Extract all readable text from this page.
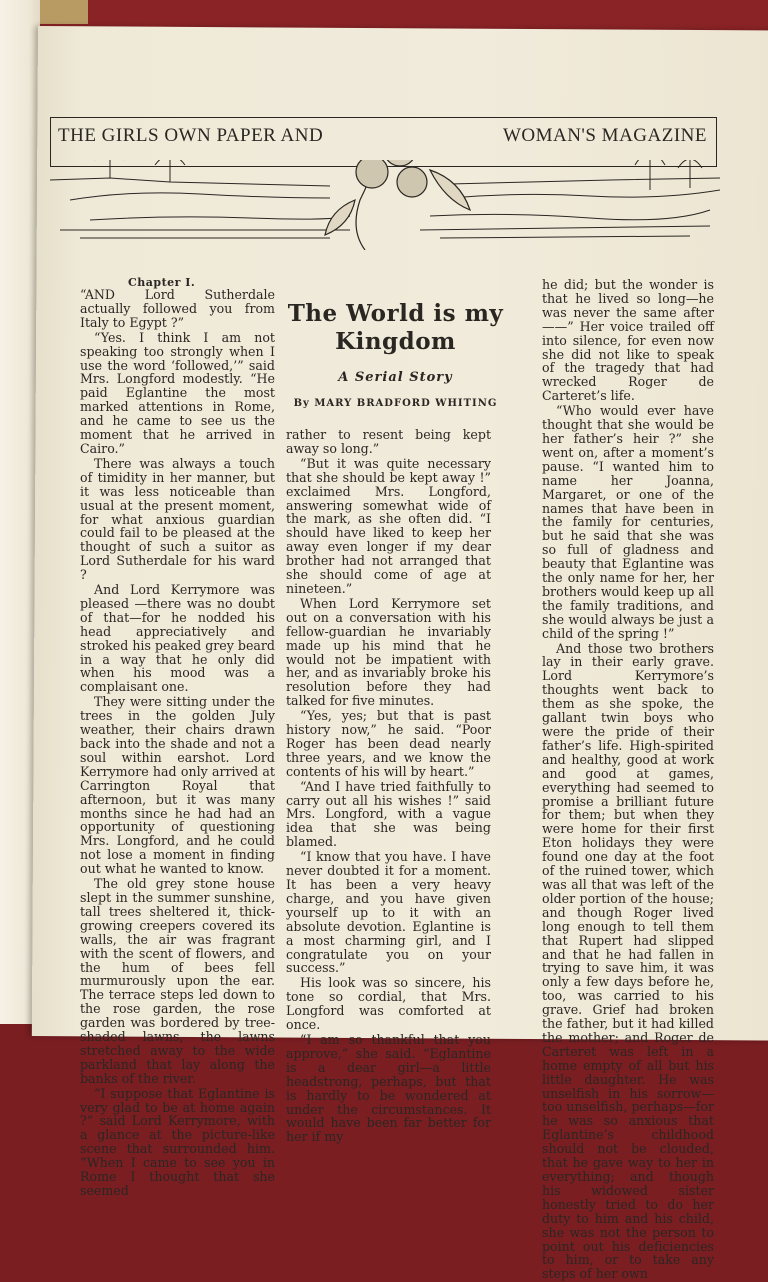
THE GIRLS OWN PAPER AND	WOMAN'S MAGAZINE
Chapter I.
The World is my Kingdom
A Serial Story
By MARY BRADFORD WHITING

“AND Lord Sutherdale actually followed you from Italy to Egypt ?”

“Yes. I think I am not speaking too strongly when I use the word ‘followed,’” said Mrs. Longford modestly. “He paid Eglantine the most marked attentions in Rome, and he came to see us the moment that he arrived in Cairo.”

There was always a touch of timidity in her manner, but it was less noticeable than usual at the present moment, for what anxious guardian could fail to be pleased at the thought of such a suitor as Lord Sutherdale for his ward ?

And Lord Kerrymore was pleased —there was no doubt of that—for he nodded his head appreciatively and stroked his peaked grey beard in a way that he only did when his mood was a complaisant one.

They were sitting under the trees in the golden July weather, their chairs drawn back into the shade and not a soul within earshot. Lord Kerrymore had only arrived at Carrington Royal that afternoon, but it was many months since he had had an opportunity of questioning Mrs. Longford, and he could not lose a moment in finding out what he wanted to know.

The old grey stone house slept in the summer sunshine, tall trees sheltered it, thick-growing creepers covered its walls, the air was fragrant with the scent of flowers, and the hum of bees fell murmurously upon the ear. The terrace steps led down to the rose garden, the rose garden was bordered by tree-shaded lawns, the lawns stretched away to the wide parkland that lay along the banks of the river.

“I suppose that Eglantine is very glad to be at home again ?” said Lord Kerrymore, with a glance at the picture-like scene that surrounded him. “When I came to see you in Rome I thought that she seemed

rather to resent being kept away so long.”

“But it was quite necessary that she should be kept away !” exclaimed Mrs. Longford, answering somewhat wide of the mark, as she often did. “I should have liked to keep her away even longer if my dear brother had not arranged that she should come of age at nineteen.”

When Lord Kerrymore set out on a conversation with his fellow-guardian he invariably made up his mind that he would not be impatient with her, and as invariably broke his resolution before they had talked for five minutes.

“Yes, yes; but that is past history now,” he said. “Poor Roger has been dead nearly three years, and we know the contents of his will by heart.”

“And I have tried faithfully to carry out all his wishes !” said Mrs. Longford, with a vague idea that she was being blamed.

“I know that you have. I have never doubted it for a moment. It has been a very heavy charge, and you have given yourself up to it with an absolute devotion. Eglantine is a most charming girl, and I congratulate you on your success.”

His look was so sincere, his tone so cordial, that Mrs. Longford was comforted at once.

“I am so thankful that you approve,” she said. “Eglantine is a dear girl—a little headstrong, perhaps, but that is hardly to be wondered at under the circumstances. It would have been far better for her if my

he did; but the wonder is that he lived so long—he was never the same after——” Her voice trailed off into silence, for even now she did not like to speak of the tragedy that had wrecked Roger de Carteret’s life.

“Who would ever have thought that she would be her father’s heir ?” she went on, after a moment’s pause. “I wanted him to name her Joanna, Margaret, or one of the names that have been in the family for centuries, but he said that she was so full of gladness and beauty that Eglantine was the only name for her, her brothers would keep up all the family traditions, and she would always be just a child of the spring !”

And those two brothers lay in their early grave. Lord Kerrymore’s thoughts went back to them as she spoke, the gallant twin boys who were the pride of their father’s life. High-spirited and healthy, good at work and good at games, everything had seemed to promise a brilliant future for them; but when they were home for their first Eton holidays they were found one day at the foot of the ruined tower, which was all that was left of the older portion of the house; and though Roger lived long enough to tell them that Rupert had slipped and that he had fallen in trying to save him, it was only a few days before he, too, was carried to his grave. Grief had broken the father, but it had killed the mother; and Roger de Carteret was left in a home empty of all but his little daughter. He was unselfish in his sorrow—too unselfish, perhaps—for he was so anxious that Eglantine’s childhood should not be clouded, that he gave way to her in everything; and though his widowed sister honestly tried to do her duty to him and his child, she was not the person to point out his deficiencies to him, or to take any steps of her own
